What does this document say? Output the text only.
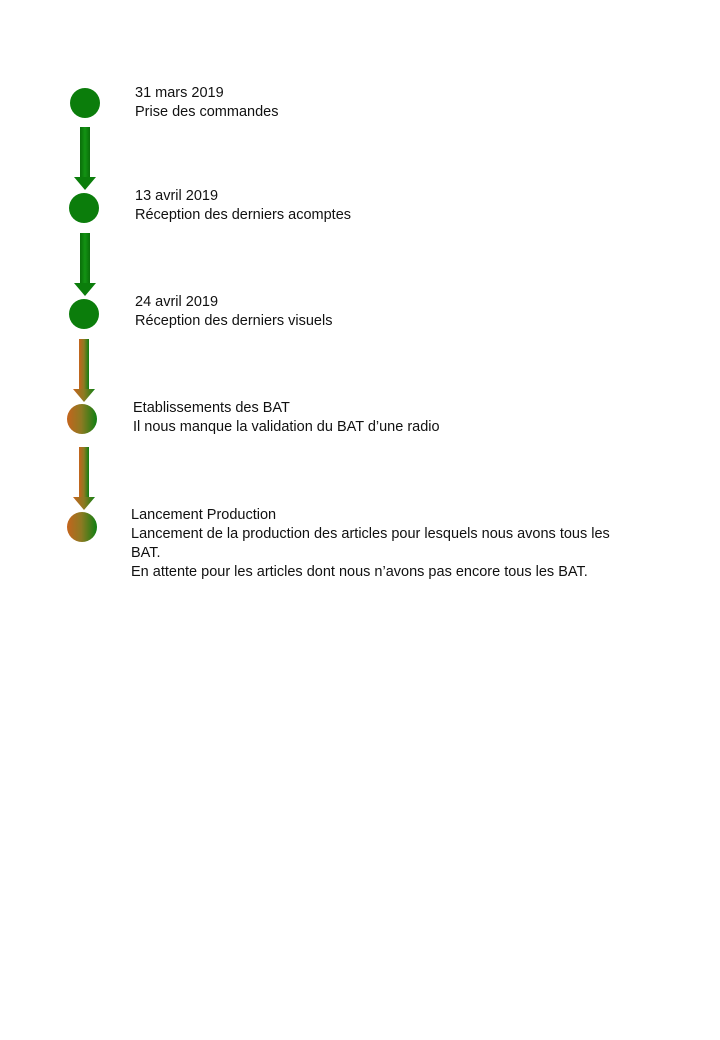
31 mars 2019
Prise des commandes
13 avril 2019
Réception des derniers acomptes
24 avril 2019
Réception des derniers visuels
Etablissements des BAT
Il nous manque la validation du BAT d’une radio
Lancement Production
Lancement de la production des articles pour lesquels nous avons tous les BAT.
En attente pour les articles dont nous n’avons pas encore tous les BAT.
